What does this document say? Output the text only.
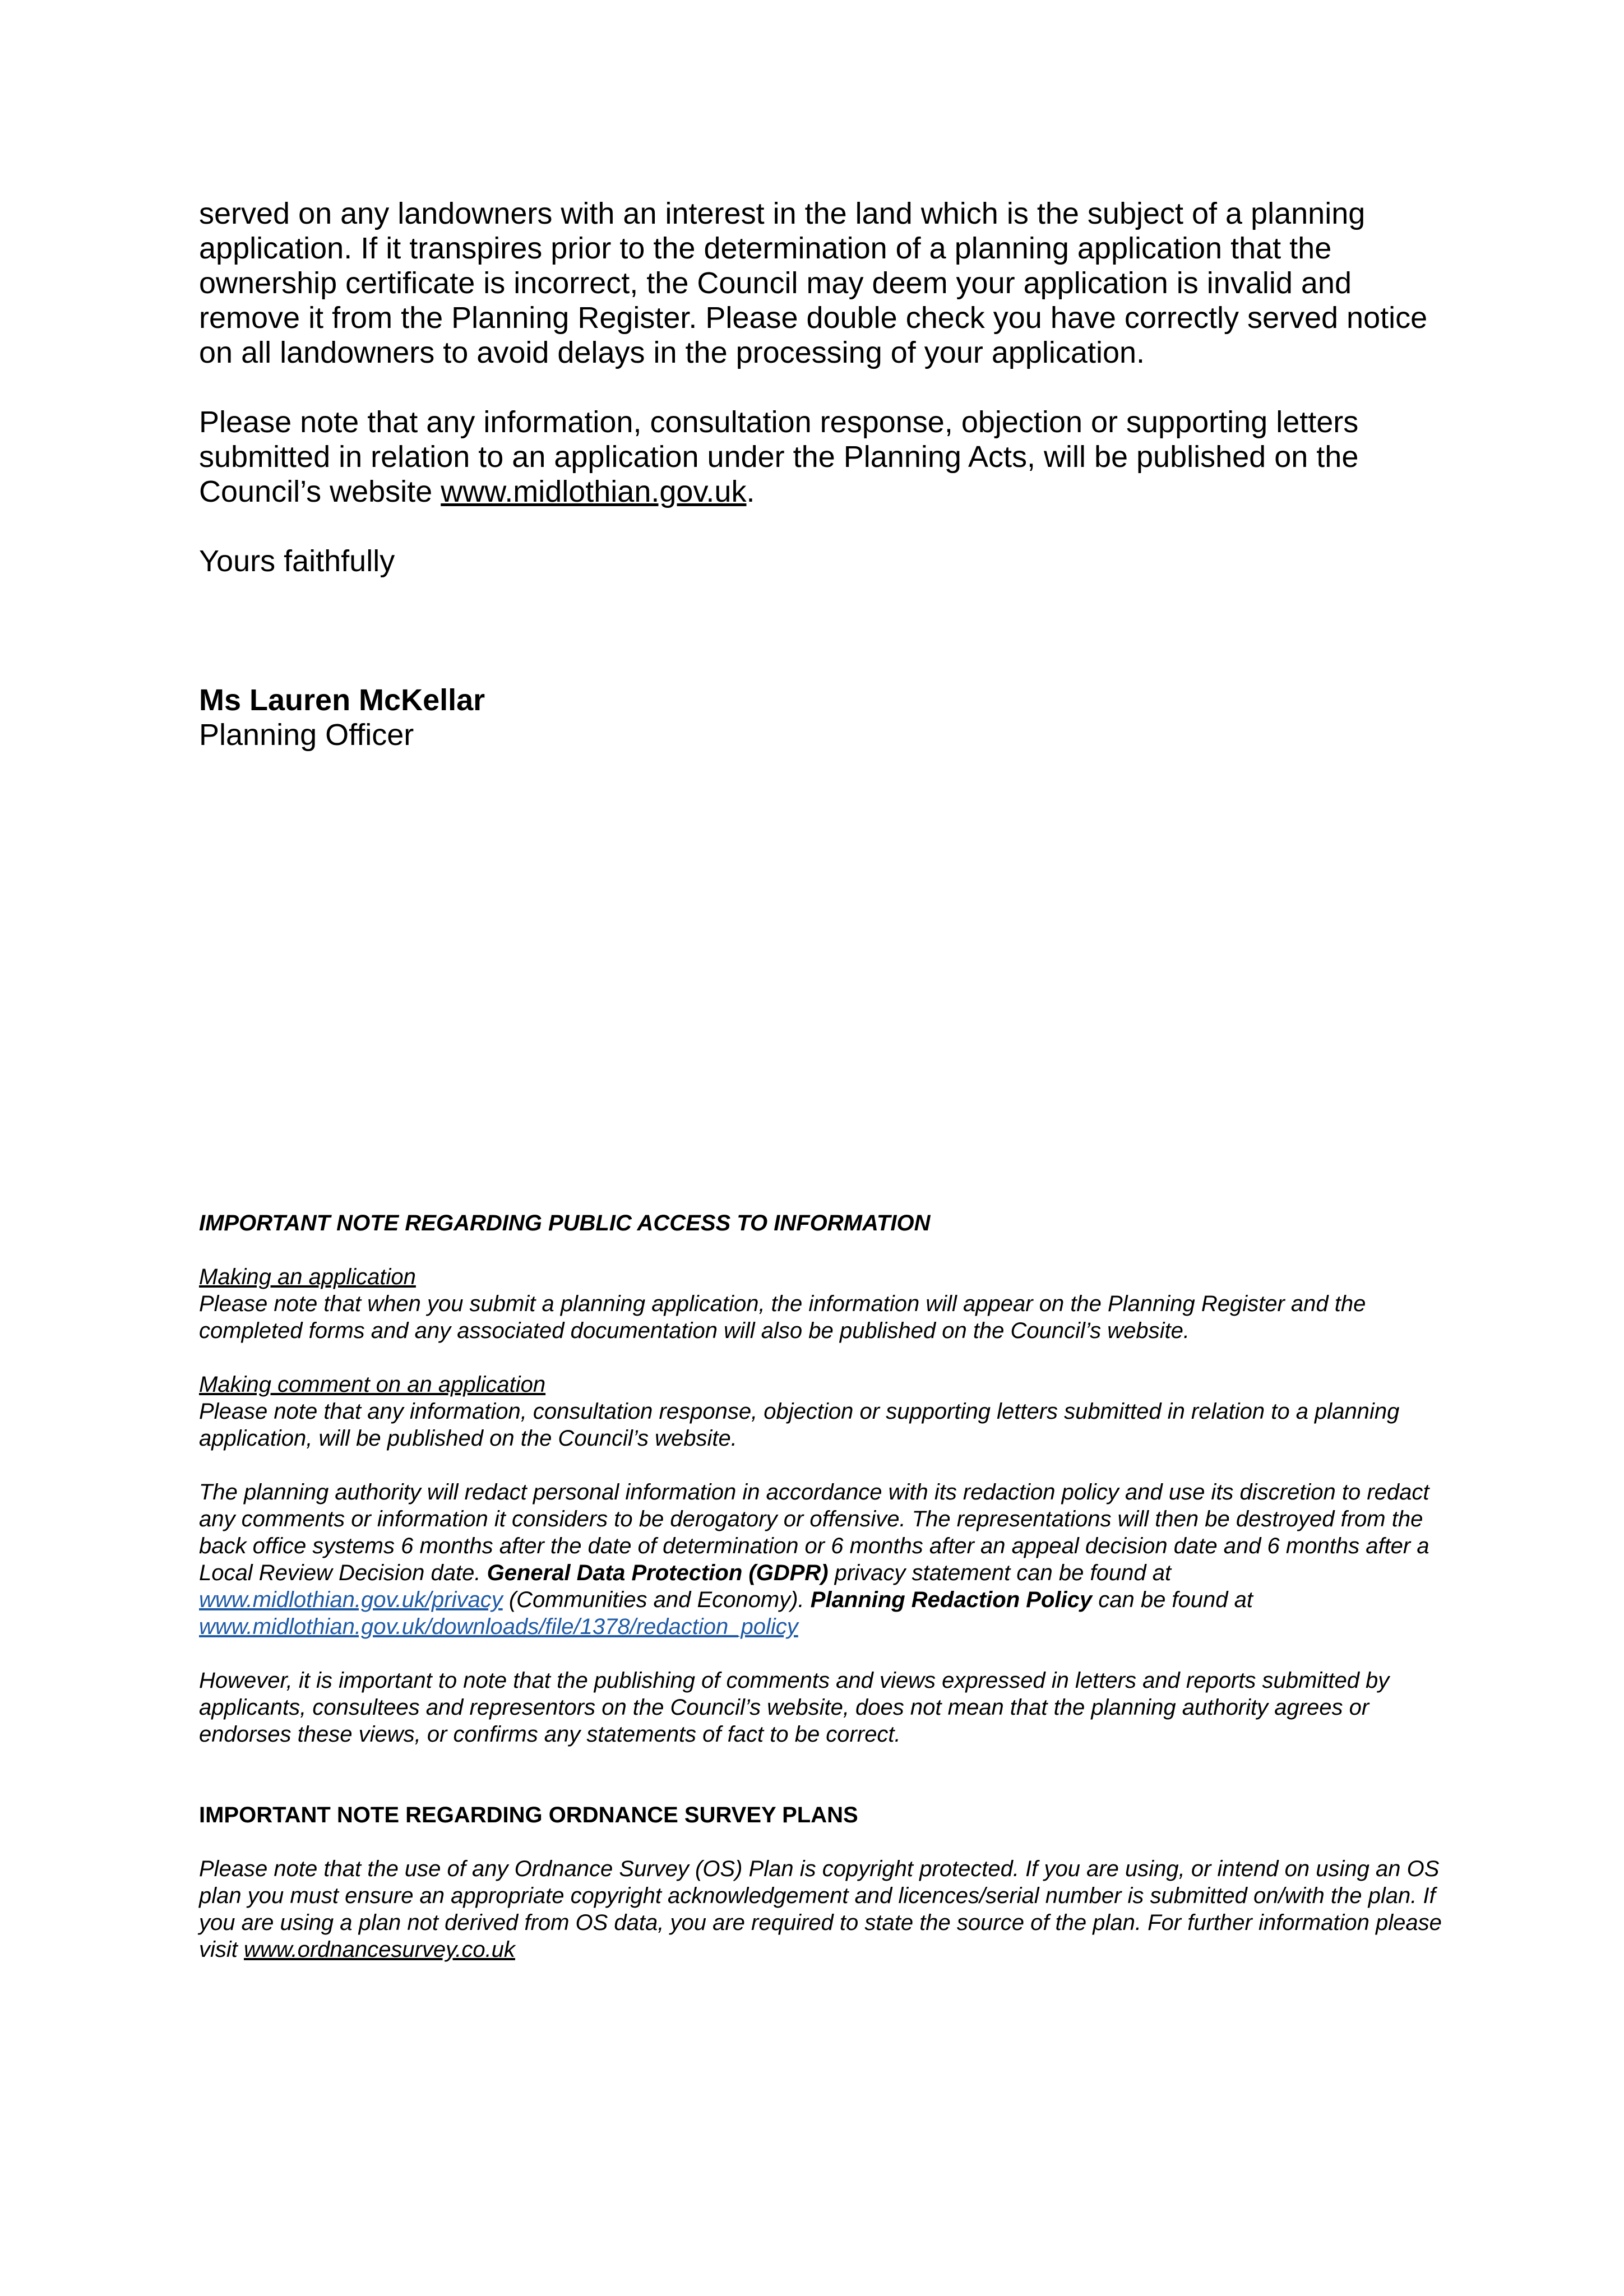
served on any landowners with an interest in the land which is the subject of a planning application. If it transpires prior to the determination of a planning application that the ownership certificate is incorrect, the Council may deem your application is invalid and remove it from the Planning Register. Please double check you have correctly served notice on all landowners to avoid delays in the processing of your application.

Please note that any information, consultation response, objection or supporting letters submitted in relation to an application under the Planning Acts, will be published on the Council’s website www.midlothian.gov.uk.

Yours faithfully

Ms Lauren McKellar
Planning Officer

IMPORTANT NOTE REGARDING PUBLIC ACCESS TO INFORMATION

Making an application

Please note that when you submit a planning application, the information will appear on the Planning Register and the completed forms and any associated documentation will also be published on the Council’s website.

Making comment on an application

Please note that any information, consultation response, objection or supporting letters submitted in relation to a planning application, will be published on the Council’s website.

The planning authority will redact personal information in accordance with its redaction policy and use its discretion to redact any comments or information it considers to be derogatory or offensive. The representations will then be destroyed from the back office systems 6 months after the date of determination or 6 months after an appeal decision date and 6 months after a Local Review Decision date. General Data Protection (GDPR) privacy statement can be found at www.midlothian.gov.uk/privacy (Communities and Economy). Planning Redaction Policy can be found at www.midlothian.gov.uk/downloads/file/1378/redaction_policy

However, it is important to note that the publishing of comments and views expressed in letters and reports submitted by applicants, consultees and representors on the Council’s website, does not mean that the planning authority agrees or endorses these views, or confirms any statements of fact to be correct.

IMPORTANT NOTE REGARDING ORDNANCE SURVEY PLANS

Please note that the use of any Ordnance Survey (OS) Plan is copyright protected. If you are using, or intend on using an OS plan you must ensure an appropriate copyright acknowledgement and licences/serial number is submitted on/with the plan. If you are using a plan not derived from OS data, you are required to state the source of the plan. For further information please visit www.ordnancesurvey.co.uk
